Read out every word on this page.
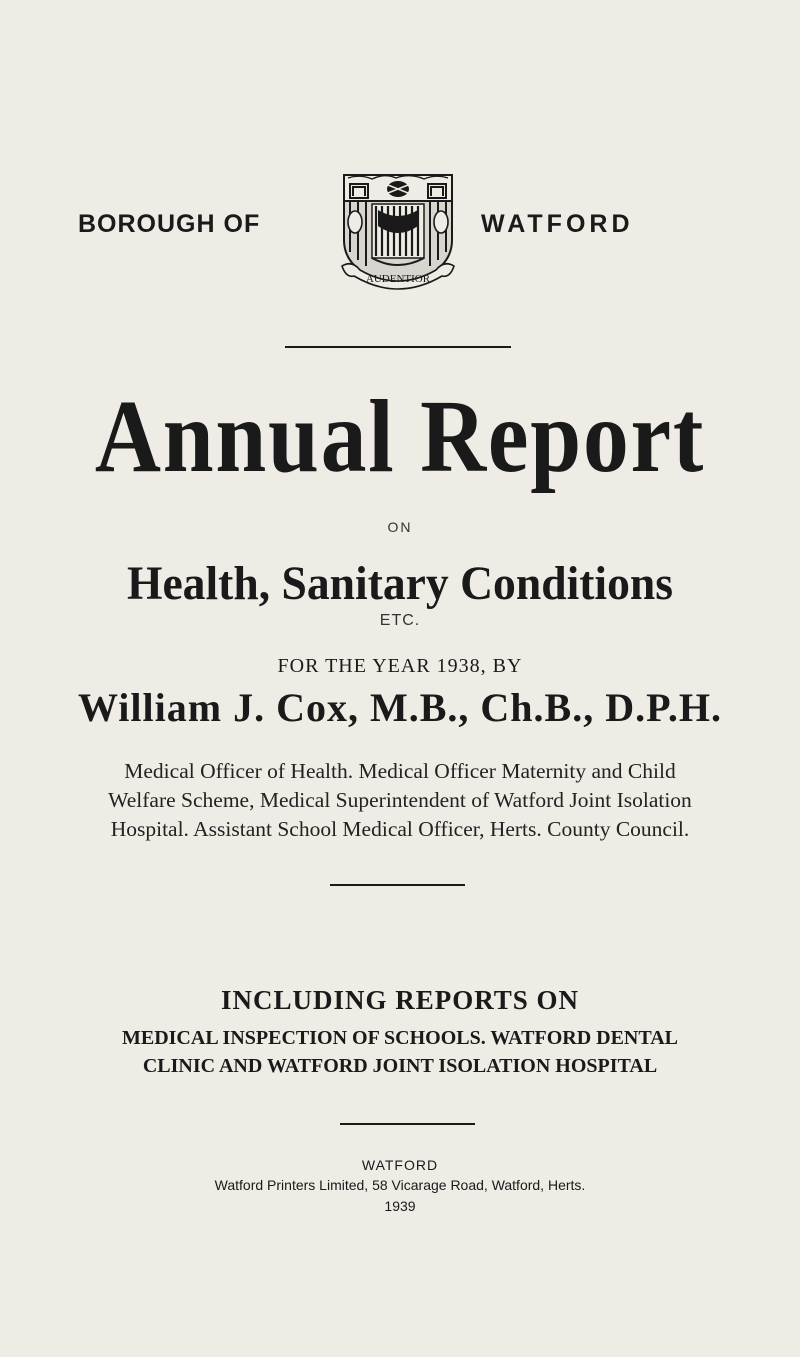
BOROUGH OF
AUDENTIOR
WATFORD
Annual Report
ON
Health, Sanitary Conditions
ETC.
FOR THE YEAR 1938, BY
William J. Cox, M.B., Ch.B., D.P.H.
Medical Officer of Health. Medical Officer Maternity and Child Welfare Scheme, Medical Superintendent of Watford Joint Isolation Hospital. Assistant School Medical Officer, Herts. County Council.
INCLUDING REPORTS ON
MEDICAL INSPECTION OF SCHOOLS. WATFORD DENTAL
CLINIC AND WATFORD JOINT ISOLATION HOSPITAL
WATFORD
Watford Printers Limited, 58 Vicarage Road, Watford, Herts.
1939
